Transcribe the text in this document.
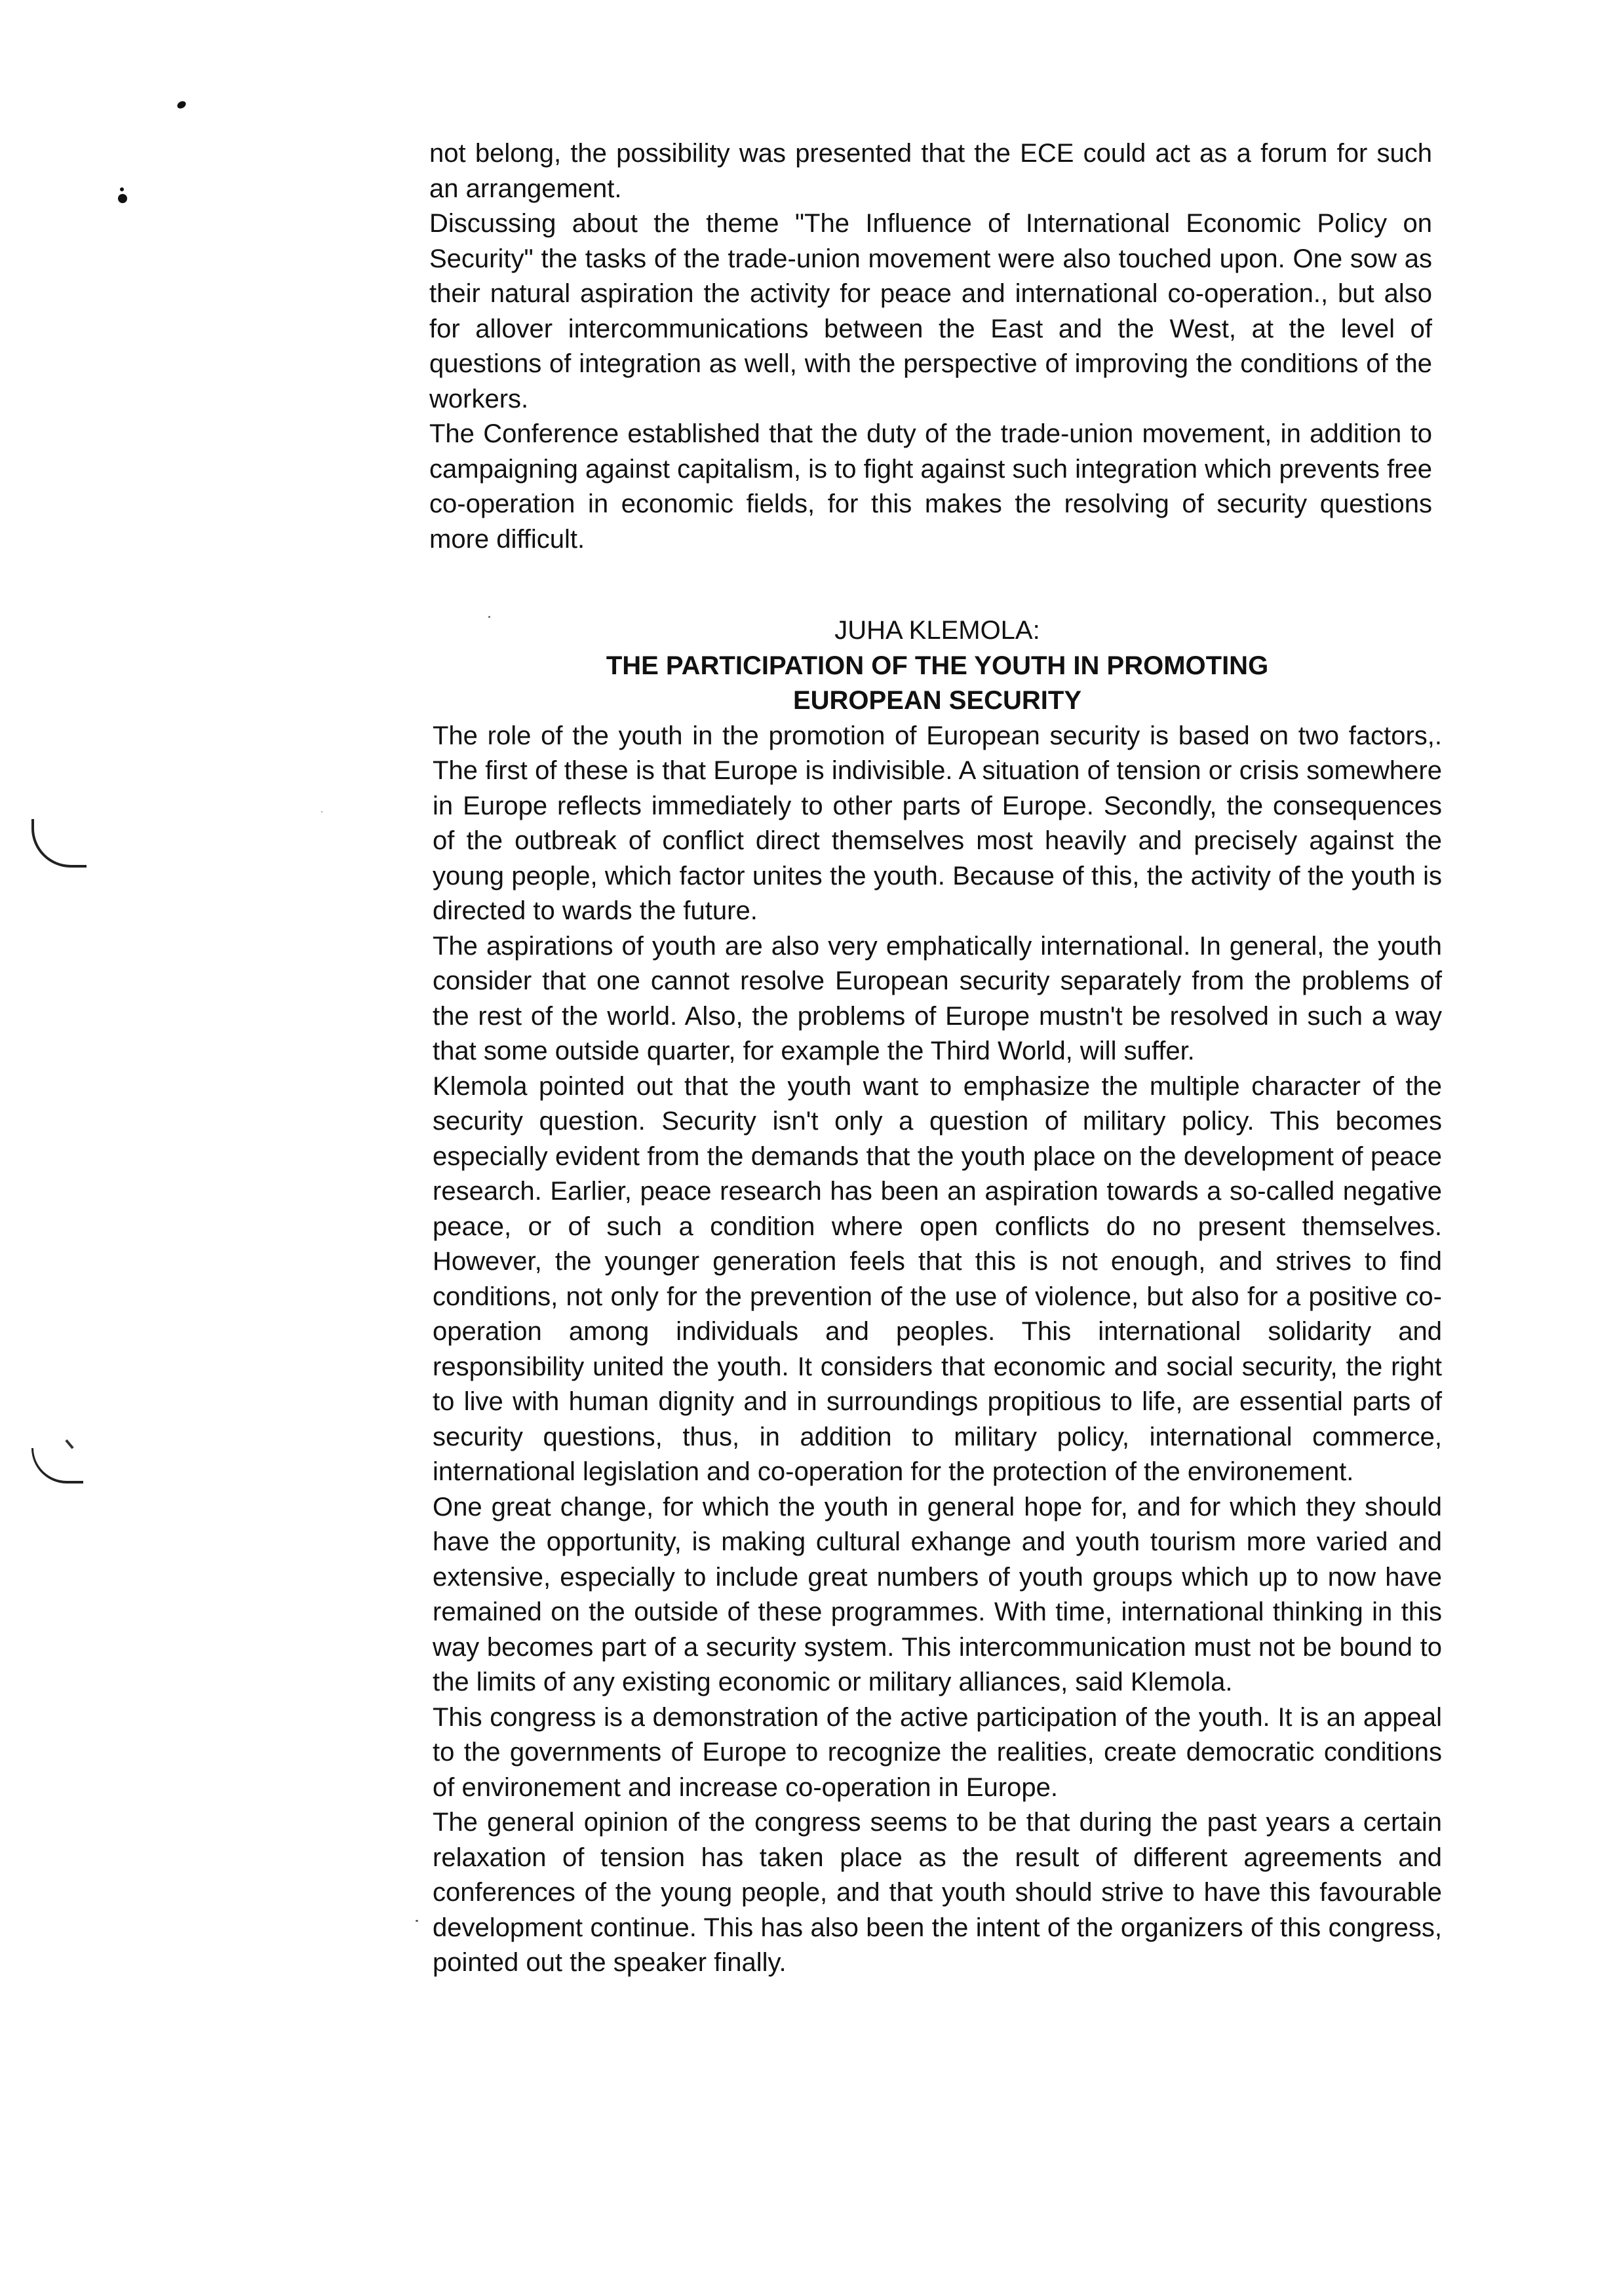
not belong, the possibility was presented that the ECE could act as a forum for such an arrangement.

Discussing about the theme "The Influence of International Economic Policy on Security" the tasks of the trade-union movement were also touched upon. One sow as their natural aspiration the activity for peace and international co-operation., but also for allover intercommunications between the East and the West, at the level of questions of integration as well, with the perspective of improving the conditions of the workers.

The Conference established that the duty of the trade-union movement, in addition to campaigning against capitalism, is to fight against such integration which prevents free co-operation in economic fields, for this makes the resolving of security questions more difficult.

JUHA KLEMOLA:

THE PARTICIPATION OF THE YOUTH IN PROMOTING

EUROPEAN SECURITY

The role of the youth in the promotion of European security is based on two factors,. The first of these is that Europe is indivisible. A situation of tension or crisis somewhere in Europe reflects immediately to other parts of Europe. Secondly, the consequences of the outbreak of conflict direct themselves most heavily and precisely against the young people, which factor unites the youth. Because of this, the activity of the youth is directed to wards the future.

The aspirations of youth are also very emphatically international. In general, the youth consider that one cannot resolve European security separately from the problems of the rest of the world. Also, the problems of Europe mustn't be resolved in such a way that some outside quarter, for example the Third World, will suffer.

Klemola pointed out that the youth want to emphasize the multiple character of the security question. Security isn't only a question of military policy. This becomes especially evident from the demands that the youth place on the development of peace research. Earlier, peace research has been an aspiration towards a so-called negative peace, or of such a condition where open conflicts do no present themselves. However, the younger generation feels that this is not enough, and strives to find conditions, not only for the prevention of the use of violence, but also for a positive co-operation among individuals and peoples. This international solidarity and responsibility united the youth. It considers that economic and social security, the right to live with human dignity and in surroundings propitious to life, are essential parts of security questions, thus, in addition to military policy, international commerce, international legislation and co-operation for the protection of the environement.

One great change, for which the youth in general hope for, and for which they should have the opportunity, is making cultural exhange and youth tourism more varied and extensive, especially to include great numbers of youth groups which up to now have remained on the outside of these programmes. With time, international thinking in this way becomes part of a security system. This intercommunication must not be bound to the limits of any existing economic or military alliances, said Klemola.

This congress is a demonstration of the active participation of the youth. It is an appeal to the governments of Europe to recognize the realities, create democratic conditions of environement and increase co-operation in Europe.

The general opinion of the congress seems to be that during the past years a certain relaxation of tension has taken place as the result of different agreements and conferences of the young people, and that youth should strive to have this favourable development continue. This has also been the intent of the organizers of this congress, pointed out the speaker finally.
